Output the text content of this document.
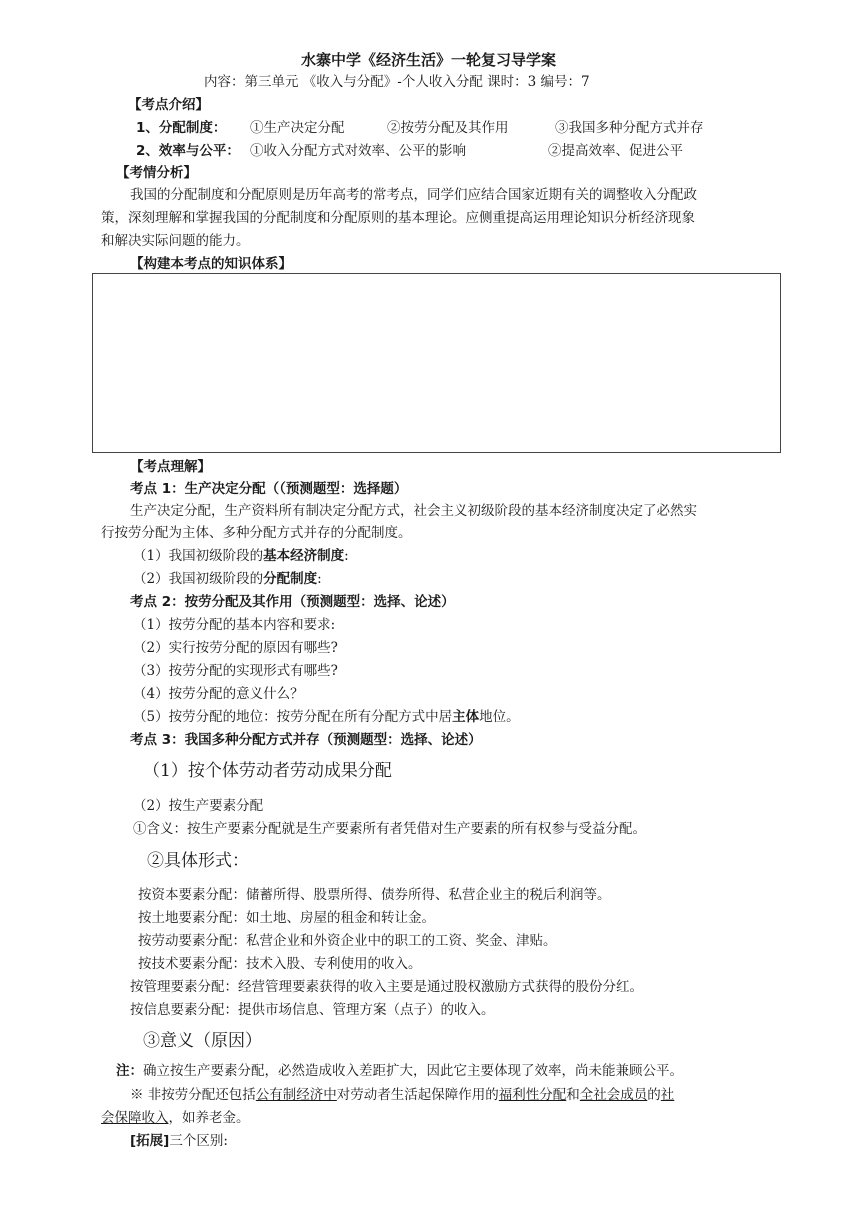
水寨中学《经济生活》一轮复习导学案
内容：第三单元 《收入与分配》-个人收入分配 课时：3 编号：7
【考点介绍】
1、分配制度： ①生产决定分配	②按劳分配及其作用	③我国多种分配方式并存
2、效率与公平： ①收入分配方式对效率、公平的影响	②提高效率、促进公平
【考情分析】
我国的分配制度和分配原则是历年高考的常考点，同学们应结合国家近期有关的调整收入分配政
策，深刻理解和掌握我国的分配制度和分配原则的基本理论。应侧重提高运用理论知识分析经济现象
和解决实际问题的能力。
【构建本考点的知识体系】
【考点理解】
考点 1：生产决定分配（（预测题型：选择题）
生产决定分配，生产资料所有制决定分配方式，社会主义初级阶段的基本经济制度决定了必然实
行按劳分配为主体、多种分配方式并存的分配制度。
（1）我国初级阶段的基本经济制度:
（2）我国初级阶段的分配制度:
考点 2：按劳分配及其作用（预测题型：选择、论述）
（1）按劳分配的基本内容和要求:
（2）实行按劳分配的原因有哪些?
（3）按劳分配的实现形式有哪些?
（4）按劳分配的意义什么？
（5）按劳分配的地位：按劳分配在所有分配方式中居主体地位。
考点 3：我国多种分配方式并存（预测题型：选择、论述）
（1）按个体劳动者劳动成果分配
（2）按生产要素分配
①含义：按生产要素分配就是生产要素所有者凭借对生产要素的所有权参与受益分配。
②具体形式：
按资本要素分配：储蓄所得、股票所得、债券所得、私营企业主的税后利润等。
按土地要素分配：如土地、房屋的租金和转让金。
按劳动要素分配：私营企业和外资企业中的职工的工资、奖金、津贴。
按技术要素分配：技术入股、专利使用的收入。
按管理要素分配：经营管理要素获得的收入主要是通过股权激励方式获得的股份分红。
按信息要素分配：提供市场信息、管理方案（点子）的收入。
③意义（原因）
注：确立按生产要素分配，必然造成收入差距扩大，因此它主要体现了效率，尚未能兼顾公平。
※ 非按劳分配还包括公有制经济中对劳动者生活起保障作用的福利性分配和全社会成员的社
会保障收入，如养老金。
[拓展]三个区别:
